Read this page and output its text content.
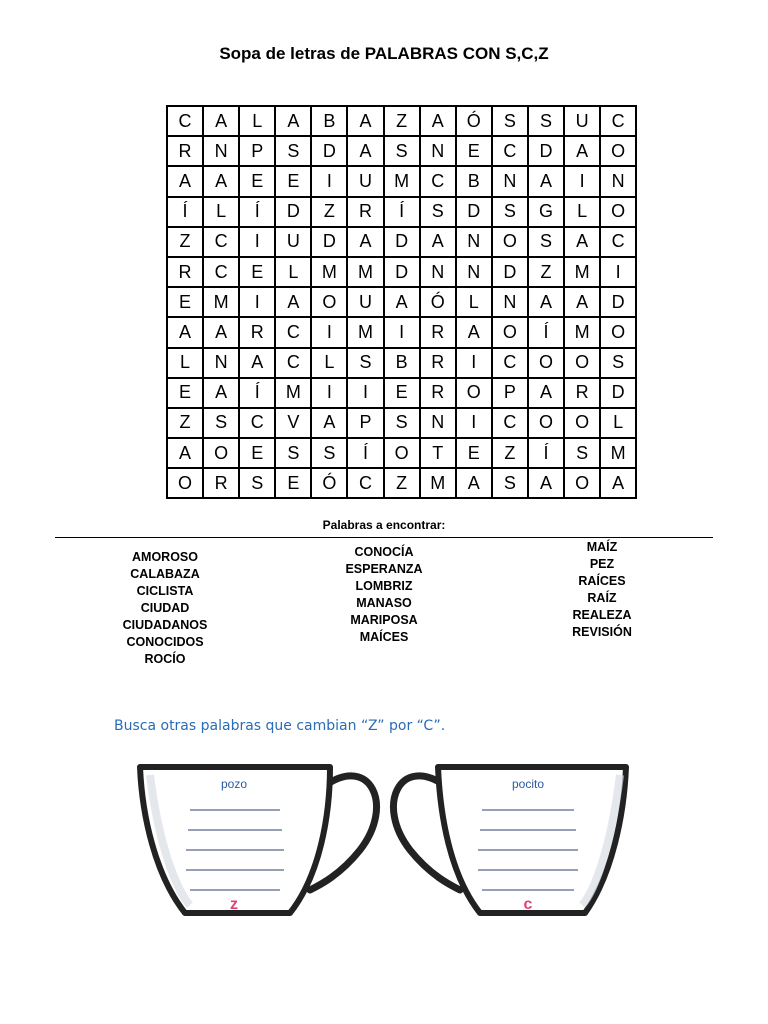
Sopa de letras de PALABRAS CON S,C,Z
C	A	L	A	B	A	Z	A	Ó	S	S	U	C
R	N	P	S	D	A	S	N	E	C	D	A	O
A	A	E	E	I	U	M	C	B	N	A	I	N
Í	L	Í	D	Z	R	Í	S	D	S	G	L	O
Z	C	I	U	D	A	D	A	N	O	S	A	C
R	C	E	L	M	M	D	N	N	D	Z	M	I
E	M	I	A	O	U	A	Ó	L	N	A	A	D
A	A	R	C	I	M	I	R	A	O	Í	M	O
L	N	A	C	L	S	B	R	I	C	O	O	S
E	A	Í	M	I	I	E	R	O	P	A	R	D
Z	S	C	V	A	P	S	N	I	C	O	O	L
A	O	E	S	S	Í	O	T	E	Z	Í	S	M
O	R	S	E	Ó	C	Z	M	A	S	A	O	A
Palabras a encontrar:
AMOROSO
CALABAZA
CICLISTA
CIUDAD
CIUDADANOS
CONOCIDOS
ROCÍO
CONOCÍA
ESPERANZA
LOMBRIZ
MANASO
MARIPOSA
MAÍCES
MAÍZ
PEZ
RAÍCES
RAÍZ
REALEZA
REVISIÓN
Busca otras palabras que cambian “Z” por “C”.
pozo
z
pocito
c
